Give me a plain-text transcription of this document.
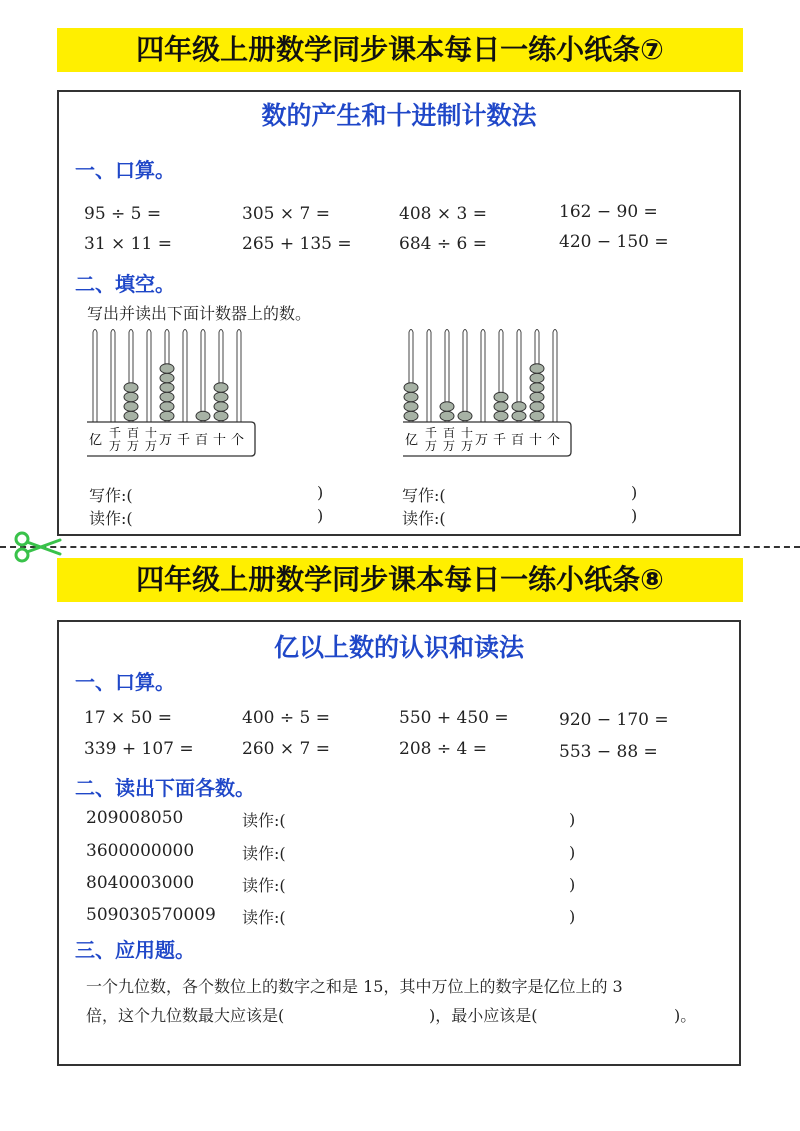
四年级上册数学同步课本每日一练小纸条⑦
数的产生和十进制计数法
一、口算。
95 ÷ 5 =	305 × 7 =	408 × 3 =	162 − 90 =
31 × 11 =	265 + 135 =	684 ÷ 6 =	420 − 150 =
二、填空。
写出并读出下面计数器上的数。
亿 千万
百万
十万 万 千 百 十 个	亿 千万
百万
十万 万 千 百 十 个
写作:(	)
读作:(	)
写作:(	)
读作:(	)
四年级上册数学同步课本每日一练小纸条⑧
亿以上数的认识和读法
一、口算。
17 × 50 =	400 ÷ 5 =	550 + 450 =	920 − 170 =
339 + 107 =	260 × 7 =	208 ÷ 4 =	553 − 88 =
二、读出下面各数。
209008050	读作:(	)
3600000000	读作:(	)
8040003000	读作:(	)
509030570009 读作:(	)
三、应用题。
一个九位数，各个数位上的数字之和是 15，其中万位上的数字是亿位上的 3
倍，这个九位数最大应该是(	)，最小应该是(	)。
